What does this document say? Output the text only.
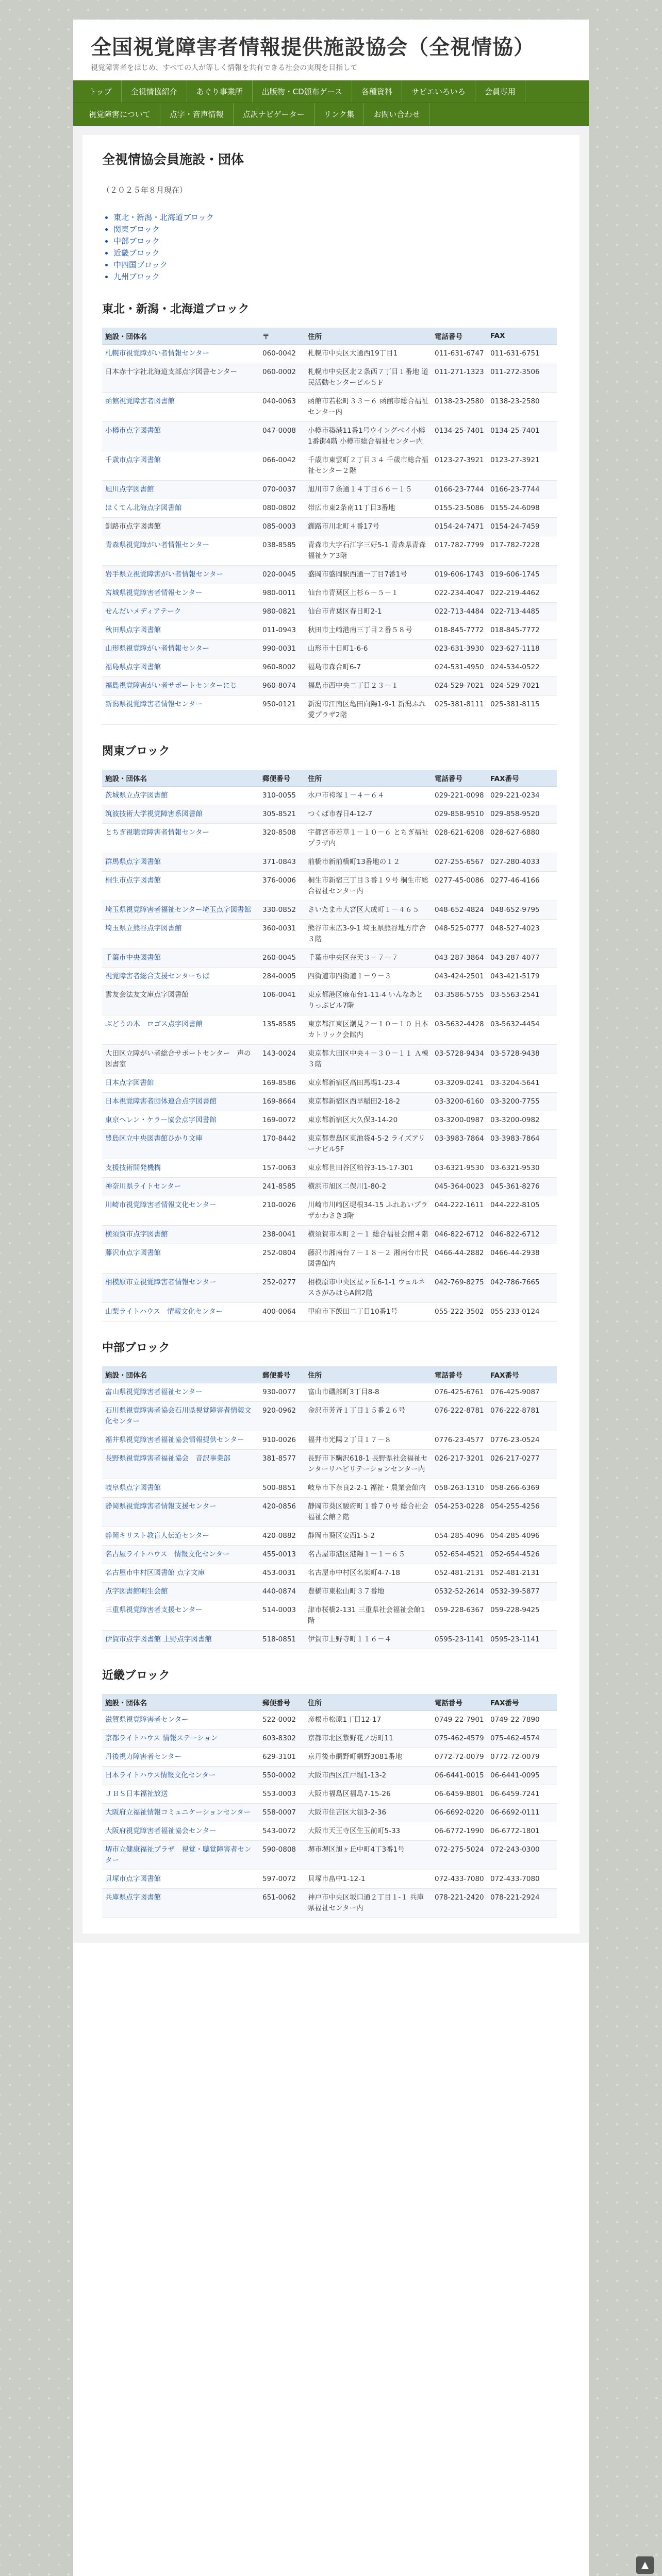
全国視覚障害者情報提供施設協会（全視情協）
視覚障害者をはじめ、すべての人が等しく情報を共有できる社会の実現を目指して
トップ	全視情協紹介	あぐり事業所	出版物・CD頒布ゲース	各種資料	サピエいろいろ	会員専用
視覚障害について	点字・音声情報	点訳ナビゲーター	リンク集	お問い合わせ
全視情協会員施設・団体
（２０２５年８月現在）
• 東北・新潟・北海道ブロック
• 関東ブロック
• 中部ブロック
• 近畿ブロック
• 中四国ブロック
• 九州ブロック
東北・新潟・北海道ブロック
施設・団体名	〒	住所	電話番号	FAX
札幌市視覚障がい者情報センター	060-0042	札幌市中央区大通西19丁目1	011-631-6747	011-631-6751
日本赤十字社北海道支部点字図書センター	060-0002	札幌市中央区北２条西７丁目１番地 道民活動センタービル５Ｆ	011-271-1323	011-272-3506
函館視覚障害者図書館	040-0063	函館市若松町３３－６ 函館市総合福祉センター内	0138-23-2580	0138-23-2580
小樽市点字図書館	047-0008	小樽市築港11番1号ウイングベイ小樽1番街4階 小樽市総合福祉センター内	0134-25-7401	0134-25-7401
千歳市点字図書館	066-0042	千歳市東雲町２丁目３４ 千歳市総合福祉センター２階	0123-27-3921	0123-27-3921
旭川点字図書館	070-0037	旭川市７条通１４丁目６６－１５	0166-23-7744	0166-23-7744
ほくてん北海点字図書館	080-0802	帯広市東2条南11丁目3番地	0155-23-5086	0155-24-6098
釧路市点字図書館	085-0003	釧路市川北町４番17号	0154-24-7471	0154-24-7459
青森県視覚障がい者情報センター	038-8585	青森市大字石江字三好5-1 青森県青森福祉ケア3階	017-782-7799	017-782-7228
岩手県立視覚障害がい者情報センター	020-0045	盛岡市盛岡駅西通一丁目7番1号	019-606-1743	019-606-1745
宮城県視覚障害者情報センター	980-0011	仙台市青葉区上杉６－５－１	022-234-4047	022-219-4462
せんだいメディアテーク	980-0821	仙台市青葉区春日町2-1	022-713-4484	022-713-4485
秋田県点字図書館	011-0943	秋田市土崎港南三丁目２番５８号	018-845-7772	018-845-7772
山形県視覚障がい者情報センター	990-0031	山形市十日町1-6-6	023-631-3930	023-627-1118
福島県点字図書館	960-8002	福島市森合町6-7	024-531-4950	024-534-0522
福島視覚障害がい者サポートセンターにじ	960-8074	福島市西中央二丁目２３－１	024-529-7021	024-529-7021
新潟県視覚障害者情報センター	950-0121	新潟市江南区亀田向陽1-9-1 新潟ふれ愛プラザ2階	025-381-8111	025-381-8115
関東ブロック
施設・団体名	郵便番号	住所	電話番号	FAX番号
茨城県立点字図書館	310-0055	水戸市袴塚１－４－６４	029-221-0098	029-221-0234
筑波技術大学視覚障害系図書館	305-8521	つくば市春日4-12-7	029-858-9510	029-858-9520
とちぎ視聴覚障害者情報センター	320-8508	宇都宮市若草１－１０－６ とちぎ福祉プラザ内	028-621-6208	028-627-6880
群馬県点字図書館	371-0843	前橋市新前橋町13番地の１２	027-255-6567	027-280-4033
桐生市点字図書館	376-0006	桐生市新宿三丁目３番１９号 桐生市総合福祉センター内	0277-45-0086	0277-46-4166
埼玉県視覚障害者福祉センター埼玉点字図書館	330-0852	さいたま市大宮区大成町１－４６５	048-652-4824	048-652-9795
埼玉県立熊谷点字図書館	360-0031	熊谷市末広3-9-1 埼玉県熊谷地方庁舎３階	048-525-0777	048-527-4023
千葉市中央図書館	260-0045	千葉市中央区弁天３－７－７	043-287-3864	043-287-4077
視覚障害者総合支援センターちば	284-0005	四街道市四街道１－９－３	043-424-2501	043-421-5179
雲友会法友文庫点字図書館	106-0041	東京都港区麻布台1-11-4 いんなあとりっぷビル7階	03-3586-5755	03-5563-2541
ぶどうの木　ロゴス点字図書館	135-8585	東京都江東区潮見２－１０－１０ 日本カトリック会館内	03-5632-4428	03-5632-4454
大田区立障がい者総合サポートセンター　声の図書室	143-0024	東京都大田区中央４－３０－１１ Ａ棟３階	03-5728-9434	03-5728-9438
日本点字図書館	169-8586	東京都新宿区高田馬場1-23-4	03-3209-0241	03-3204-5641
日本視覚障害者団体連合点字図書館	169-8664	東京都新宿区西早稲田2-18-2	03-3200-6160	03-3200-7755
東京ヘレン・ケラー協会点字図書館	169-0072	東京都新宿区大久保3-14-20	03-3200-0987	03-3200-0982
豊島区立中央図書館ひかり文庫	170-8442	東京都豊島区東池袋4-5-2 ライズアリーナビル5F	03-3983-7864	03-3983-7864
支援技術開発機構	157-0063	東京都世田谷区粕谷3-15-17-301	03-6321-9530	03-6321-9530
神奈川県ライトセンター	241-8585	横浜市旭区二俣川1-80-2	045-364-0023	045-361-8276
川崎市視覚障害者情報文化センター	210-0026	川崎市川崎区堤根34-15 ふれあいプラザかわさき3階	044-222-1611	044-222-8105
横須賀市点字図書館	238-0041	横須賀市本町２－１ 総合福祉会館４階	046-822-6712	046-822-6712
藤沢市点字図書館	252-0804	藤沢市湘南台７－１８－２ 湘南台市民図書館内	0466-44-2882	0466-44-2938
相模原市立視覚障害者情報センター	252-0277	相模原市中央区星ヶ丘6-1-1 ウェルネスさがみはらA館2階	042-769-8275	042-786-7665
山梨ライトハウス　情報文化センター	400-0064	甲府市下飯田二丁目10番1号	055-222-3502	055-233-0124
中部ブロック
施設・団体名	郵便番号	住所	電話番号	FAX番号
富山県視覚障害者福祉センター	930-0077	富山市磯部町3丁目8-8	076-425-6761	076-425-9087
石川県視覚障害者協会石川県視覚障害者情報文化センター	920-0962	金沢市芳斉１丁目１５番２６号	076-222-8781	076-222-8781
福井県視覚障害者福祉協会情報提供センター	910-0026	福井市光陽２丁目１７－８	0776-23-4577	0776-23-0524
長野県視覚障害者福祉協会　音訳事業部	381-8577	長野市下駒沢618-1 長野県社会福祉センターリハビリテーションセンター内	026-217-3201	026-217-0277
岐阜県点字図書館	500-8851	岐阜市下奈良2-2-1 福祉・農業会館内	058-263-1310	058-266-6369
静岡県視覚障害者情報支援センター	420-0856	静岡市葵区駿府町１番７０号 総合社会福祉会館２階	054-253-0228	054-255-4256
静岡キリスト教盲人伝道センター	420-0882	静岡市葵区安西1-5-2	054-285-4096	054-285-4096
名古屋ライトハウス　情報文化センター	455-0013	名古屋市港区港陽１－１－６５	052-654-4521	052-654-4526
名古屋市中村区図書館 点字文庫	453-0031	名古屋市中村区名楽町4-7-18	052-481-2131	052-481-2131
点字図書館明生会館	440-0874	豊橋市東松山町３７番地	0532-52-2614	0532-39-5877
三重県視覚障害者支援センター	514-0003	津市桜橋2-131 三重県社会福祉会館1階	059-228-6367	059-228-9425
伊賀市点字図書館 上野点字図書館	518-0851	伊賀市上野寺町１１６－４	0595-23-1141	0595-23-1141
近畿ブロック
施設・団体名	郵便番号	住所	電話番号	FAX番号
滋賀県視覚障害者センター	522-0002	彦根市松原1丁目12-17	0749-22-7901	0749-22-7890
京都ライトハウス 情報ステーション	603-8302	京都市北区紫野花ノ坊町11	075-462-4579	075-462-4574
丹後視力障害者センター	629-3101	京丹後市網野町網野3081番地	0772-72-0079	0772-72-0079
日本ライトハウス情報文化センター	550-0002	大阪市西区江戸堀1-13-2	06-6441-0015	06-6441-0095
ＪＢＳ日本福祉放送	553-0003	大阪市福島区福島7-15-26	06-6459-8801	06-6459-7241
大阪府立福祉情報コミュニケーションセンター	558-0007	大阪市住吉区大領3-2-36	06-6692-0220	06-6692-0111
大阪府視覚障害者福祉協会センター	543-0072	大阪市天王寺区生玉前町5-33	06-6772-1990	06-6772-1801
堺市立健康福祉プラザ　視覚・聴覚障害者センター	590-0808	堺市堺区旭ヶ丘中町4丁3番1号	072-275-5024	072-243-0300
貝塚市点字図書館	597-0072	貝塚市畠中1-12-1	072-433-7080	072-433-7080
兵庫県点字図書館	651-0062	神戸市中央区坂口通２丁目１-１ 兵庫県福祉センター内	078-221-2420	078-221-2924
▲
